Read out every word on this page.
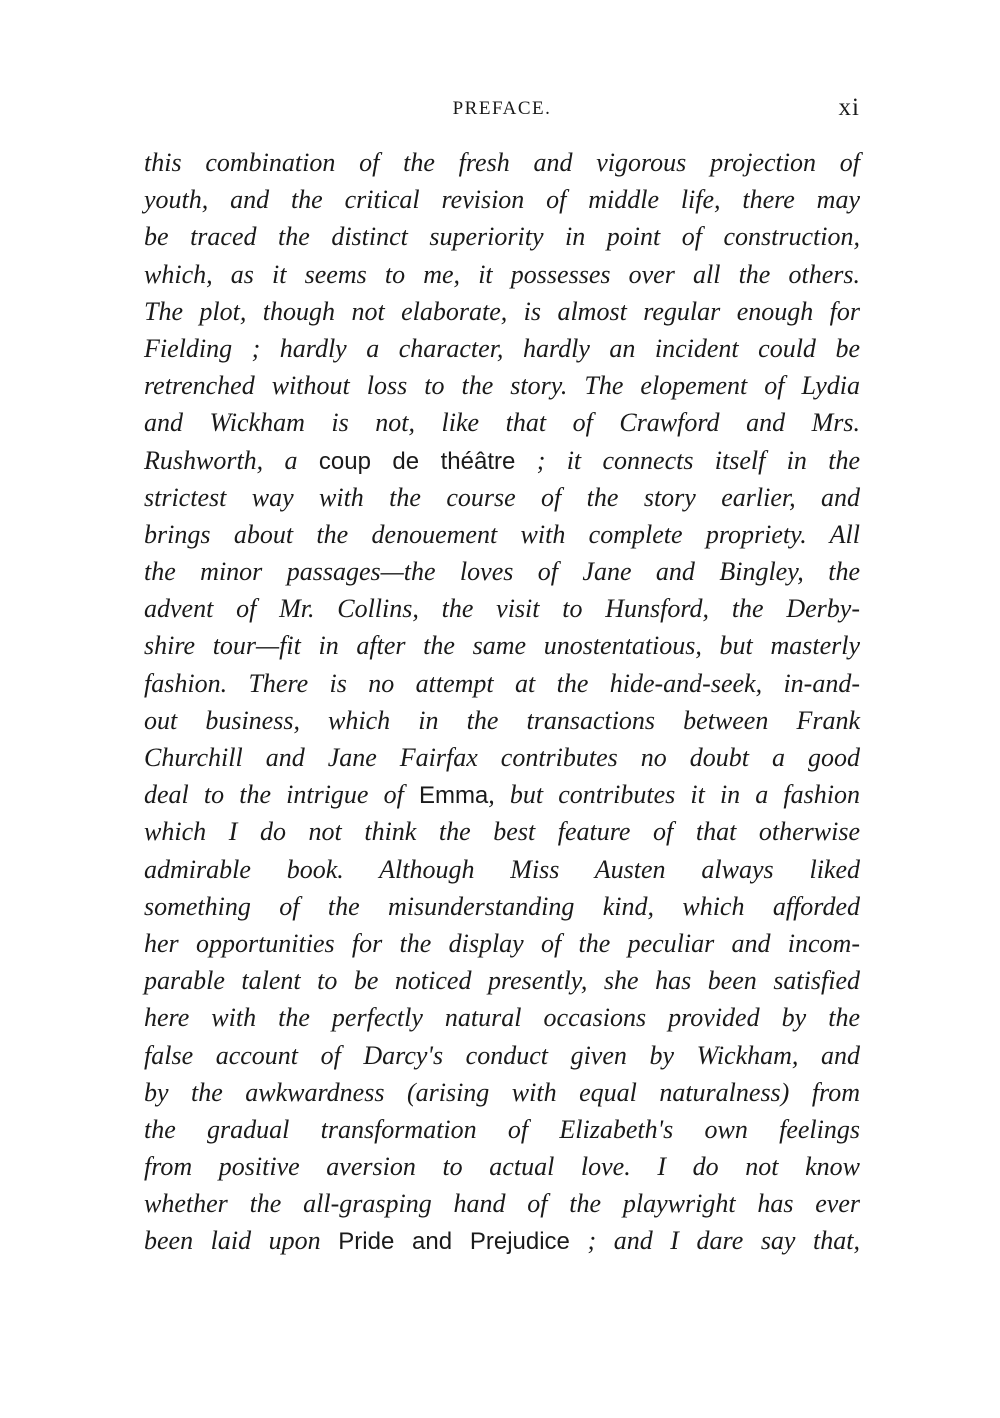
PREFACE.	xi
this combination of the fresh and vigorous projection of
youth, and the critical revision of middle life, there may
be traced the distinct superiority in point of construction,
which, as it seems to me, it possesses over all the others.
The plot, though not elaborate, is almost regular enough for
Fielding ; hardly a character, hardly an incident could be
retrenched without loss to the story. The elopement of Lydia
and Wickham is not, like that of Crawford and Mrs.
Rushworth, a coup de théâtre ; it connects itself in the
strictest way with the course of the story earlier, and
brings about the denouement with complete propriety. All
the minor passages—the loves of Jane and Bingley, the
advent of Mr. Collins, the visit to Hunsford, the Derby-
shire tour—fit in after the same unostentatious, but masterly
fashion. There is no attempt at the hide-and-seek, in-and-
out business, which in the transactions between Frank
Churchill and Jane Fairfax contributes no doubt a good
deal to the intrigue of Emma, but contributes it in a fashion
which I do not think the best feature of that otherwise
admirable book. Although Miss Austen always liked
something of the misunderstanding kind, which afforded
her opportunities for the display of the peculiar and incom-
parable talent to be noticed presently, she has been satisfied
here with the perfectly natural occasions provided by the
false account of Darcy's conduct given by Wickham, and
by the awkwardness (arising with equal naturalness) from
the gradual transformation of Elizabeth's own feelings
from positive aversion to actual love. I do not know
whether the all-grasping hand of the playwright has ever
been laid upon Pride and Prejudice ; and I dare say that,
